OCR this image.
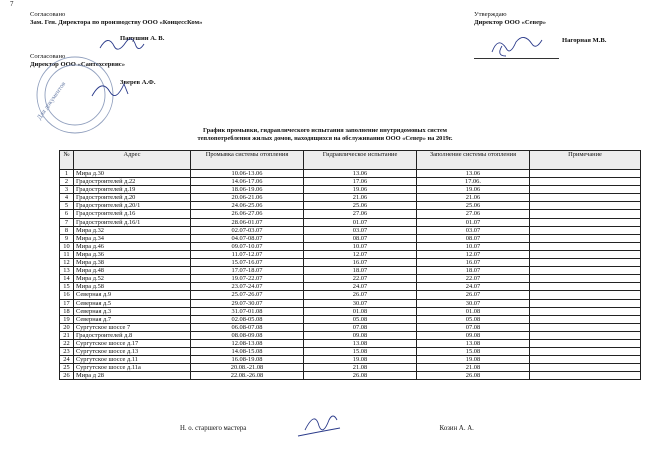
7
Согласовано
Зам. Ген. Директора по производству ООО «КонцессКом»
Папушин А. В.
Согласовано
Директор ООО «Сантехсервис»
Зверев А.Ф.
Утверждаю
Директор ООО «Север»
Нагорная М.В.
Для документов
График промывки, гидравлического испытания заполнение внутридомовых систем
теплопотребления жилых домов, находящихся на обслуживании ООО «Север» на 2019г.
№	Адрес	Промывка системы отопления	Гидравлическое испытание	Заполнение системы отопления	Примечание
1	Мира д.30	10.06-13.06	13.06	13.06	
2	Градостроителей д.22	14.06-17.06	17.06	17.06.	
3	Градостроителей д.19	18.06-19.06	19.06	19.06	
4	Градостроителей д.20	20.06-21.06	21.06	21.06	
5	Градостроителей д.20/1	24.06-25.06	25.06	25.06	
6	Градостроителей д.16	26.06-27.06	27.06	27.06	
7	Градостроителей д.16/1	28.06-01.07	01.07	01.07	
8	Мира д.32	02.07-03.07	03.07	03.07	
9	Мира д.34	04.07-08.07	08.07	08.07	
10	Мира д.46	09.07-10.07	10.07	10.07	
11	Мира д.36	11.07-12.07	12.07	12.07	
12	Мира д.38	15.07-16.07	16.07	16.07	
13	Мира д.48	17.07-18.07	18.07	18.07	
14	Мира д.52	19.07-22.07	22.07	22.07	
15	Мира д.58	23.07-24.07	24.07	24.07	
16	Северная д.9	25.07-26.07	26.07	26.07	
17	Северная д.5	29.07-30.07	30.07	30.07	
18	Северная д.3	31.07-01.08	01.08	01.08	
19	Северная д.7	02.08-05.08	05.08	05.08	
20	Сургутское шоссе 7	06.08-07.08	07.08	07.08	
21	Градостроителей д.8	08.08-09.08	09.08	09.08	
22	Сургутское шоссе д.17	12.08-13.08	13.08	13.08	
23	Сургутское шоссе д.13	14.08-15.08	15.08	15.08	
24	Сургутское шоссе д.11	16.08-19.08	19.08	19.08	
25	Сургутское шоссе д.11а	20.08.-21.08	21.08	21.08	
26	Мира д 28	22.08.-26.08	26.08	26.08	
Н. о. старшего мастера	Козин А. А.
